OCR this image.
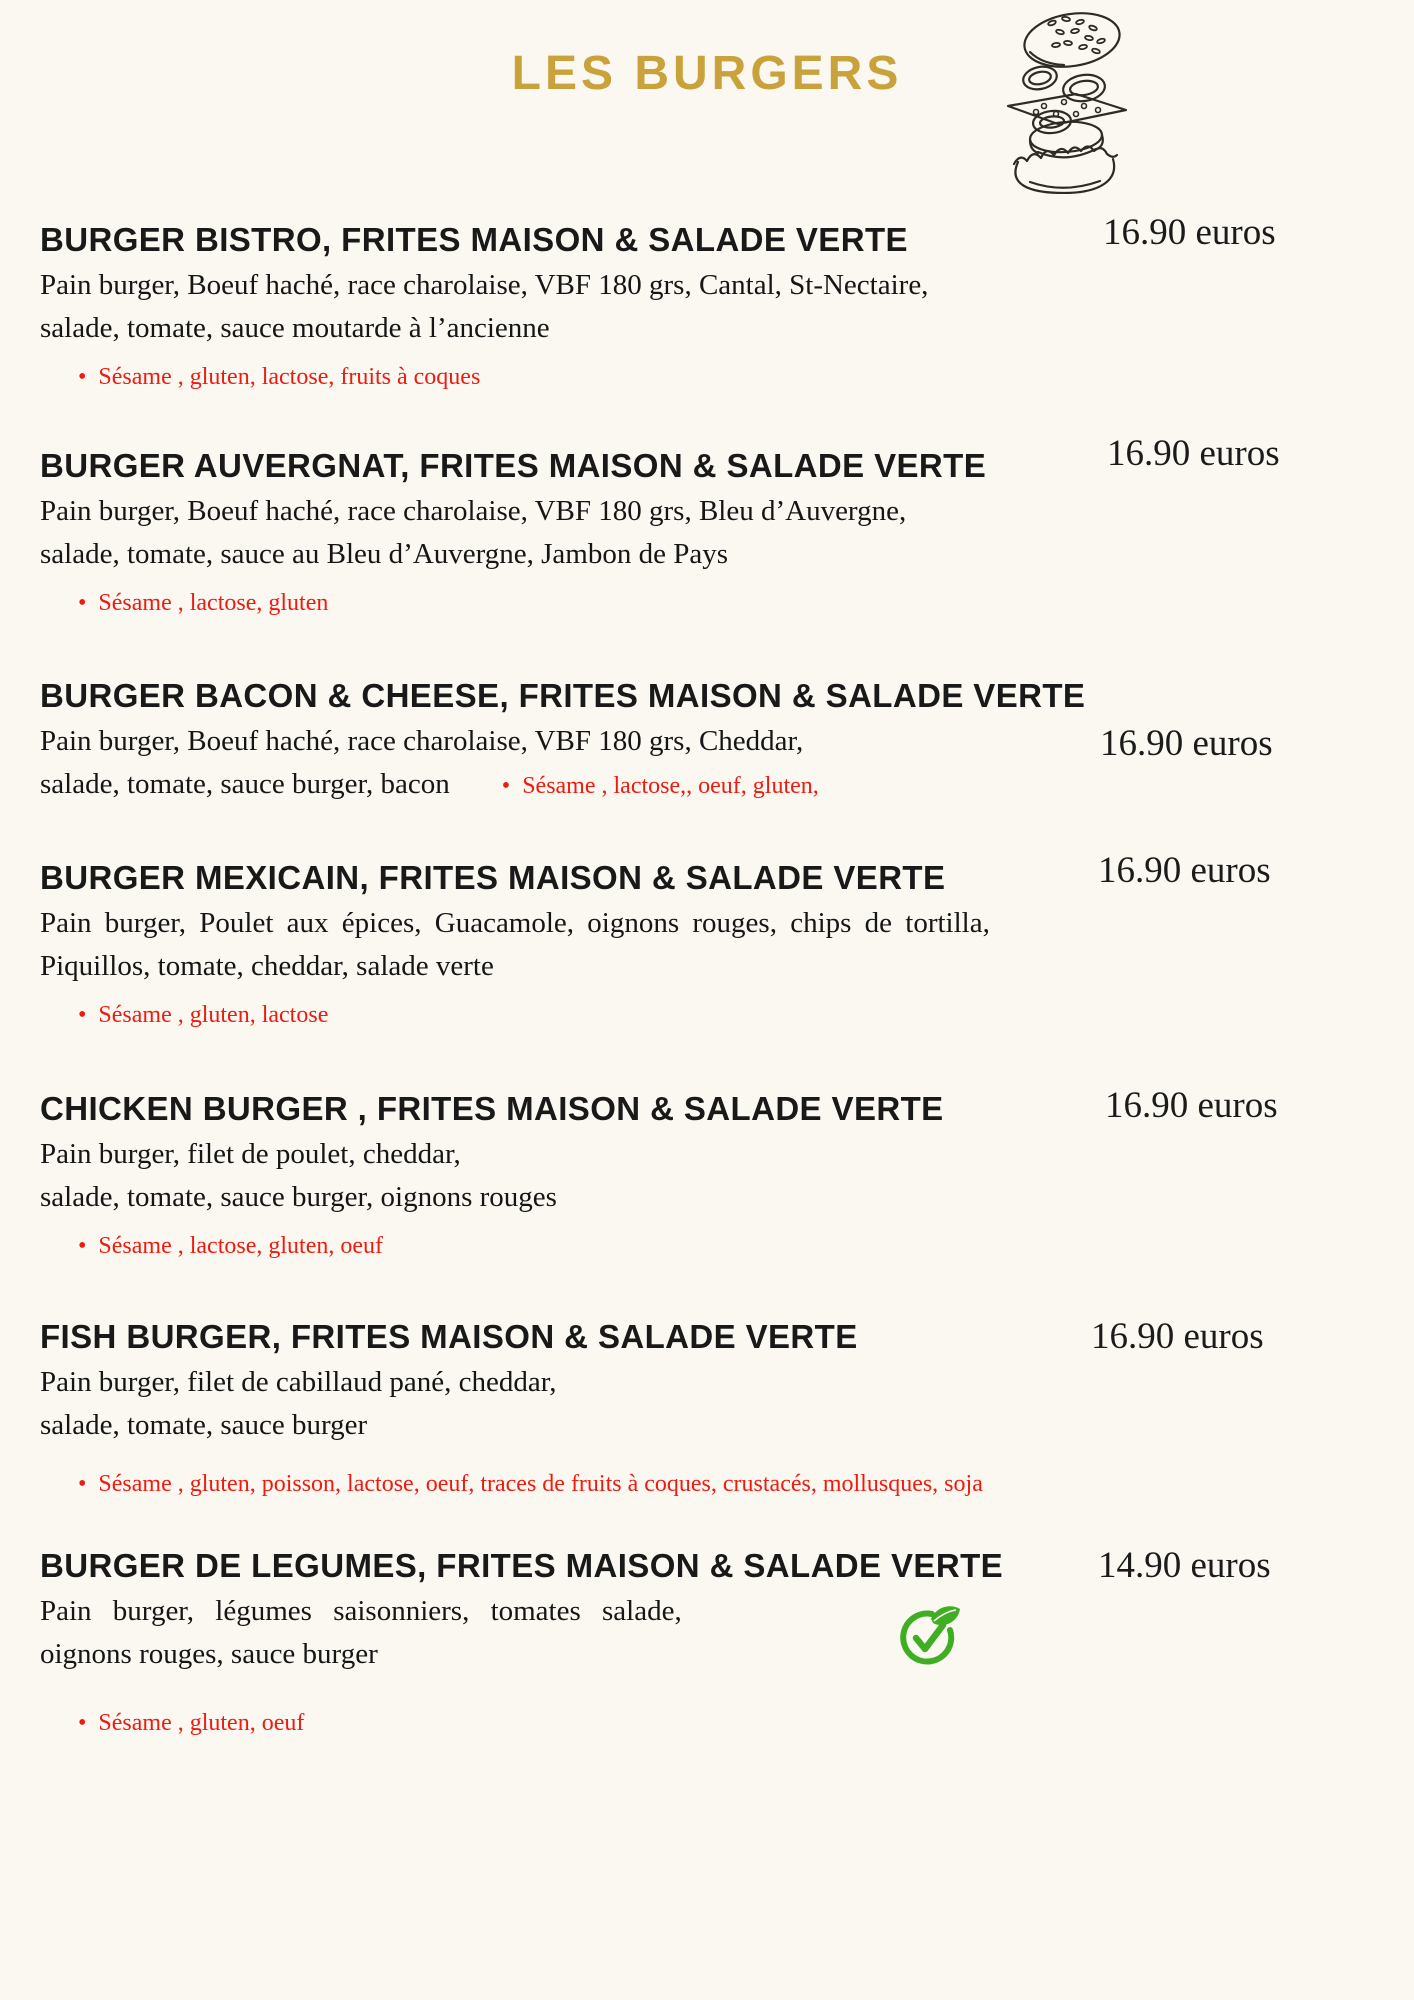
LES BURGERS
BURGER BISTRO, FRITES MAISON & SALADE VERTE

Pain burger, Boeuf haché, race charolaise, VBF 180 grs, Cantal, St-Nectaire,

salade, tomate, sauce moutarde à l’ancienne

• Sésame , gluten, lactose, fruits à coques
16.90 euros
BURGER AUVERGNAT, FRITES MAISON & SALADE VERTE

Pain burger, Boeuf haché, race charolaise, VBF 180 grs, Bleu d’Auvergne,

salade, tomate, sauce au Bleu d’Auvergne, Jambon de Pays

• Sésame , lactose, gluten
16.90 euros
BURGER BACON & CHEESE, FRITES MAISON & SALADE VERTE

Pain burger, Boeuf haché, race charolaise, VBF 180 grs, Cheddar,

salade, tomate, sauce burger, bacon • Sésame , lactose,, oeuf, gluten,

16.90 euros
BURGER MEXICAIN, FRITES MAISON & SALADE VERTE

Pain burger, Poulet aux épices, Guacamole, oignons rouges, chips de tortilla,

Piquillos, tomate, cheddar, salade verte

• Sésame , gluten, lactose
16.90 euros
CHICKEN BURGER , FRITES MAISON & SALADE VERTE

Pain burger, filet de poulet, cheddar,

salade, tomate, sauce burger, oignons rouges

• Sésame , lactose, gluten, oeuf
16.90 euros
FISH BURGER, FRITES MAISON & SALADE VERTE

Pain burger, filet de cabillaud pané, cheddar,

salade, tomate, sauce burger

• Sésame , gluten, poisson, lactose, oeuf, traces de fruits à coques, crustacés, mollusques, soja
16.90 euros
BURGER DE LEGUMES, FRITES MAISON & SALADE VERTE

Pain burger, légumes saisonniers, tomates salade,

oignons rouges, sauce burger

• Sésame , gluten, oeuf
14.90 euros
